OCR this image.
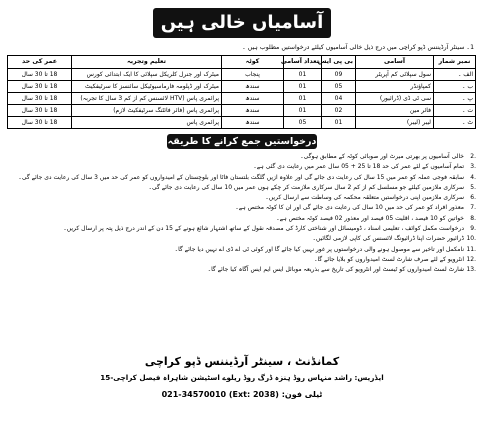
آسامیاں خالی ہیں
1۔ سینٹر آرڈیننس ڈپو کراچی میں درج ذیل خالی آسامیوں کیلئے درخواستیں مطلوب ہیں ۔
نمبر شمار	آسامی	بی پی ایس	تعداد آسامی	کوٹہ	تعلیم وتجربہ	عمر کی حد
الف ۔	سول سپلائی کم آپریٹر	09	01	پنجاب	میٹرک اور جنرل کلریکل سپلائی کا ایک ابتدائی کورس	18 تا 30 سال
ب ۔	کمپاؤنڈر	05	01	سندھ	میٹرک اور ڈپلومہ فارماسیوٹیکل سائنسز کا سرٹیفکیٹ	18 تا 30 سال
پ ۔	سی ٹی ڈی (ڈرائیور)	04	01	سندھ	پرائمری پاس (HTV لائسنس کم از کم 3 سال کا تجربہ)	18 تا 30 سال
ت ۔	فائر مین	02	01	سندھ	پرائمری پاس (فائر فائٹنگ سرٹیفکیٹ لازم)	18 تا 30 سال
ٹ ۔	لیبر (لیبر)	01	05	سندھ	پرائمری پاس	18 تا 30 سال
درخواستیں جمع کرانے کا طریقہ
2.
خالی آسامیوں پر بھرتی میرٹ اور صوبائی کوٹہ کے مطابق ہوگی۔
3.
تمام آسامیوں کے لئے عمر کی حد 18 تا 25 + 05 سال عمر میں رعایت دی گئی ہے۔
4.
سابقہ فوجی عملہ کو عمر میں 15 سال کی رعایت دی جائے گی اور علاوہ ازیں گلگت بلتستان فاٹا اور بلوچستان کے امیدواروں کو عمر کی حد میں 3 سال کی رعایت دی جائے گی۔
5.
سرکاری ملازمین کیلئے جو مسلسل کم از کم 2 سال سرکاری ملازمت کر چکے ہوں عمر میں 10 سال کی رعایت دی جائے گی۔
6.
سرکاری ملازمین اپنی درخواستیں متعلقہ محکمہ کی وساطت سے ارسال کریں۔
7.
معذور افراد کو عمر کی حد میں 10 سال کی رعایت دی جائے گی اور ان کا کوٹہ مختص ہے۔
8.
خواتین کو 10 فیصد ، اقلیت 05 فیصد اور معذور 02 فیصد کوٹہ مختص ہے۔
9.
درخواست مکمل کوائف ، تعلیمی اسناد ، ڈومیسائل اور شناختی کارڈ کی مصدقہ نقول کے ساتھ اشتہار شائع ہونے کے 15 دن کے اندر درج ذیل پتہ پر ارسال کریں۔
10.
ڈرائیور حضرات اپنا ڈرائیونگ لائسنس کی کاپی لازمی لگائیں۔
11.
نامکمل اور تاخیر سے موصول ہونے والی درخواستوں پر غور نہیں کیا جائے گا اور کوئی ٹی اے ڈی اے نہیں دیا جائے گا۔
12.
انٹرویو کے لئے صرف شارٹ لسٹ امیدواروں کو بلایا جائے گا۔
13.
شارٹ لسٹ امیدواروں کو ٹیسٹ اور انٹرویو کی تاریخ سے بذریعہ موبائل ایس ایم ایس آگاہ کیا جائے گا۔
کمانڈنٹ ، سینٹر آرڈیننس ڈپو کراچی
ایڈریس: راشد منہاس روڈ ہنزہ ڈرگ روڈ ریلوے اسٹیشن شاہراہ فیصل کراچی-15
ٹیلی فون: 021-34570010 (Ext: 2038)
